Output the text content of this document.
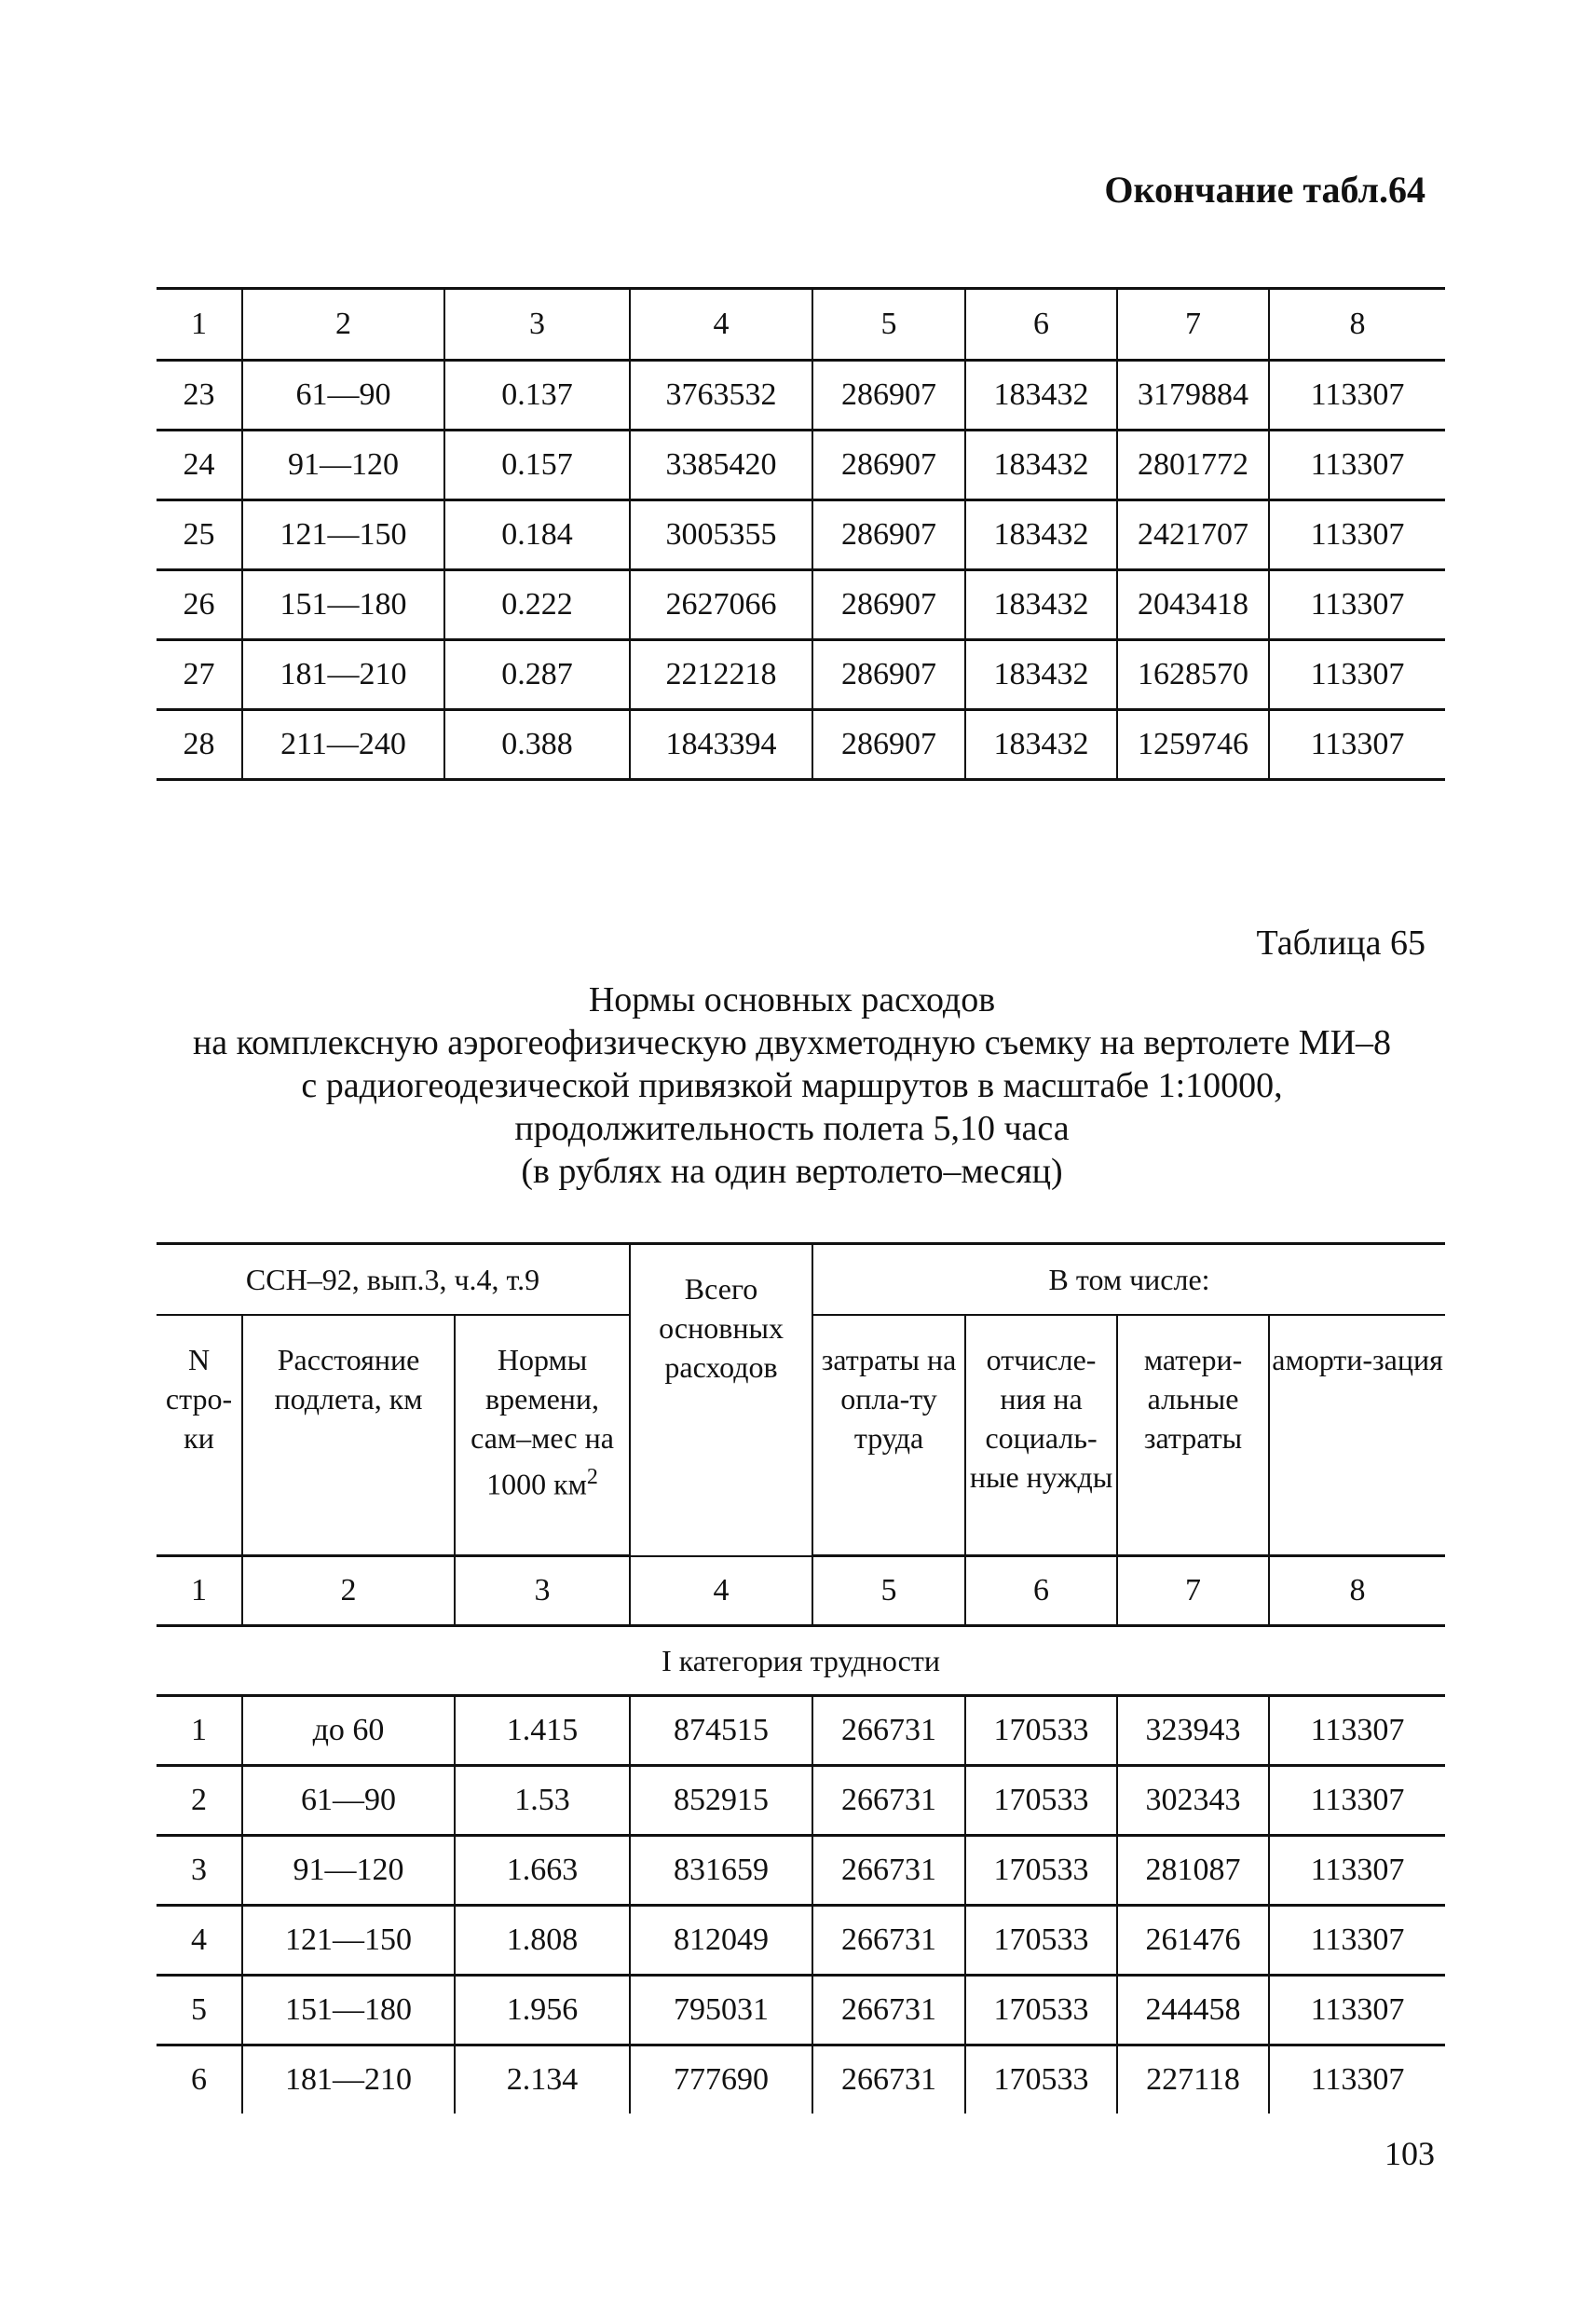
Окончание табл.64
1	2	3	4	5	6	7	8
23	61—90	0.137	3763532	286907	183432	3179884	113307
24	91—120	0.157	3385420	286907	183432	2801772	113307
25	121—150	0.184	3005355	286907	183432	2421707	113307
26	151—180	0.222	2627066	286907	183432	2043418	113307
27	181—210	0.287	2212218	286907	183432	1628570	113307
28	211—240	0.388	1843394	286907	183432	1259746	113307
Таблица 65
Нормы основных расходов
на комплексную аэрогеофизическую двухметодную съемку на вертолете МИ–8
с радиогеодезической привязкой маршрутов в масштабе 1:10000,
продолжительность полета 5,10 часа
(в рублях на один вертолето–месяц)
ССН–92, вып.3, ч.4, т.9			Всего основных расходов	В том числе:			
N стро-ки	Расстояние подлета, км	Нормы времени, сам–мес на 1000 $км^2$		затраты на опла-ту труда	отчисле-ния на социаль-ные нужды	матери-альные затраты	аморти-зация
1	2	3	4	5	6	7	8
I категория трудности							
1	до 60	1.415	874515	266731	170533	323943	113307
2	61—90	1.53	852915	266731	170533	302343	113307
3	91—120	1.663	831659	266731	170533	281087	113307
4	121—150	1.808	812049	266731	170533	261476	113307
5	151—180	1.956	795031	266731	170533	244458	113307
6	181—210	2.134	777690	266731	170533	227118	113307
103
